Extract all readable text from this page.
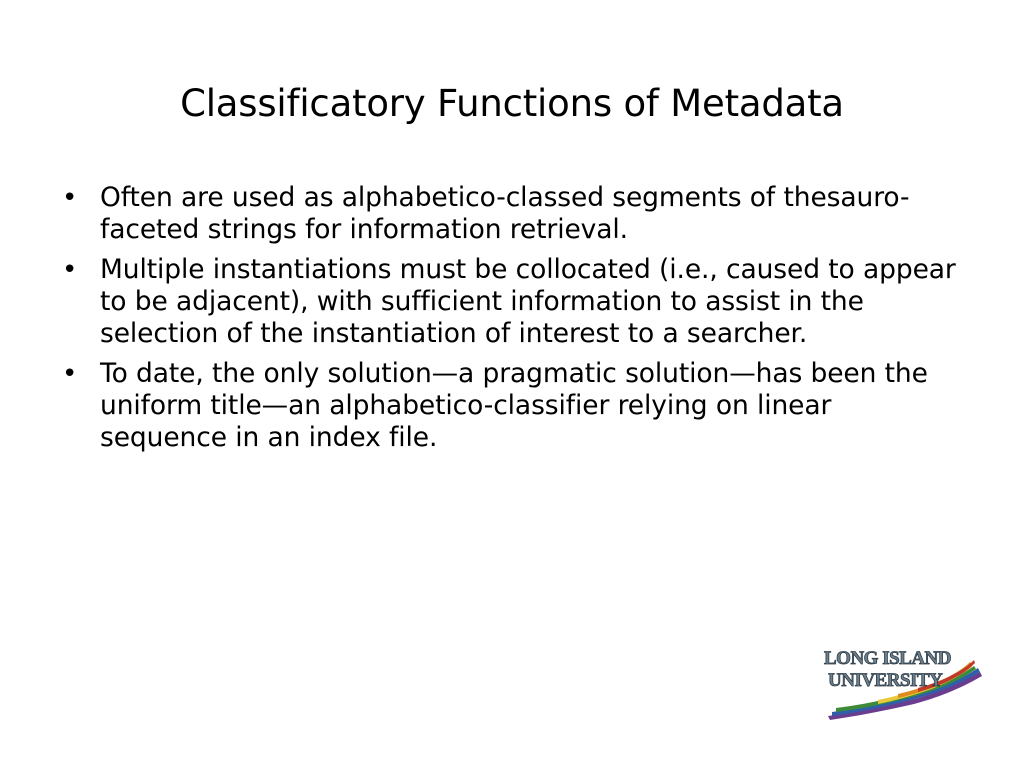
Classificatory Functions of Metadata
• Often are used as alphabetico-classed segments of thesauro-faceted strings for information retrieval.
• Multiple instantiations must be collocated (i.e., caused to appear to be adjacent), with sufficient information to assist in the selection of the instantiation of interest to a searcher.
• To date, the only solution—a pragmatic solution—has been the uniform title—an alphabetico-classifier relying on linear sequence in an index file.
LONG ISLAND
UNIVERSITY
